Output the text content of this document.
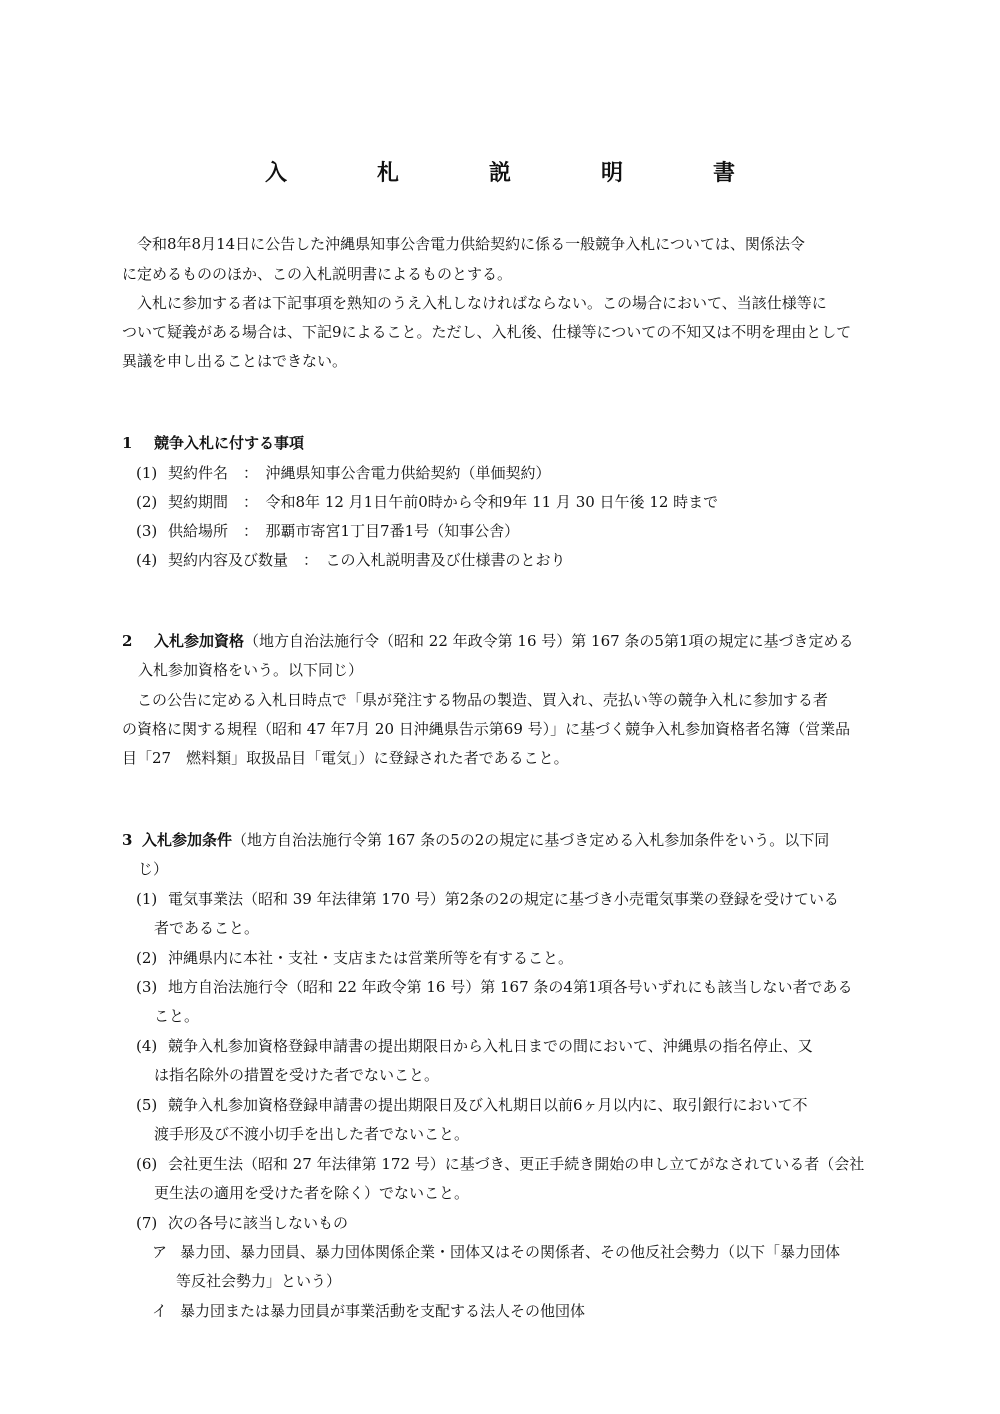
入　札　説　明　書
令和8年8月14日に公告した沖縄県知事公舎電力供給契約に係る一般競争入札については、関係法令
に定めるもののほか、この入札説明書によるものとする。
入札に参加する者は下記事項を熟知のうえ入札しなければならない。この場合において、当該仕様等に
ついて疑義がある場合は、下記9によること。ただし、入札後、仕様等についての不知又は不明を理由として
異議を申し出ることはできない。
1 競争入札に付する事項
(1) 契約件名　：　沖縄県知事公舎電力供給契約（単価契約）
(2) 契約期間　：　令和8年 12 月1日午前0時から令和9年 11 月 30 日午後 12 時まで
(3) 供給場所　：　那覇市寄宮1丁目7番1号（知事公舎）
(4) 契約内容及び数量　：　この入札説明書及び仕様書のとおり
2 入札参加資格（地方自治法施行令（昭和 22 年政令第 16 号）第 167 条の5第1項の規定に基づき定める
入札参加資格をいう。以下同じ）
この公告に定める入札日時点で「県が発注する物品の製造、買入れ、売払い等の競争入札に参加する者
の資格に関する規程（昭和 47 年7月 20 日沖縄県告示第69 号）」に基づく競争入札参加資格者名簿（営業品
目「27　燃料類」取扱品目「電気」）に登録された者であること。
3 入札参加条件（地方自治法施行令第 167 条の5の2の規定に基づき定める入札参加条件をいう。以下同
じ）
(1) 電気事業法（昭和 39 年法律第 170 号）第2条の2の規定に基づき小売電気事業の登録を受けている
者であること。
(2) 沖縄県内に本社・支社・支店または営業所等を有すること。
(3) 地方自治法施行令（昭和 22 年政令第 16 号）第 167 条の4第1項各号いずれにも該当しない者である
こと。
(4) 競争入札参加資格登録申請書の提出期限日から入札日までの間において、沖縄県の指名停止、又
は指名除外の措置を受けた者でないこと。
(5) 競争入札参加資格登録申請書の提出期限日及び入札期日以前6ヶ月以内に、取引銀行において不
渡手形及び不渡小切手を出した者でないこと。
(6) 会社更生法（昭和 27 年法律第 172 号）に基づき、更正手続き開始の申し立てがなされている者（会社
更生法の適用を受けた者を除く）でないこと。
(7) 次の各号に該当しないもの
ア 暴力団、暴力団員、暴力団体関係企業・団体又はその関係者、その他反社会勢力（以下「暴力団体
等反社会勢力」という）
イ 暴力団または暴力団員が事業活動を支配する法人その他団体
